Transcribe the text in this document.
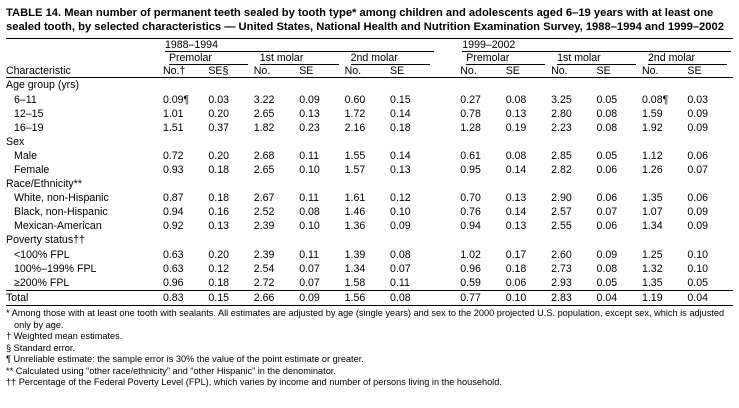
TABLE 14. Mean number of permanent teeth sealed by tooth type* among children and adolescents aged 6–19 years with at least one sealed tooth, by selected characteristics — United States, National Health and Nutrition Examination Survey, 1988–1994 and 1999–2002

	1988–1994							1999–2002					

	Premolar		1st molar		2nd molar			Premolar		1st molar		2nd molar	

Characteristic	No.†	SE§	No.	SE	No.	SE		No.	SE	No.	SE	No.	SE
Age group (yrs)													
6–11	0.09¶	0.03	3.22	0.09	0.60	0.15		0.27	0.08	3.25	0.05	0.08¶	0.03
12–15	1.01	0.20	2.65	0.13	1.72	0.14		0.78	0.13	2.80	0.08	1.59	0.09
16–19	1.51	0.37	1.82	0.23	2.16	0.18		1.28	0.19	2.23	0.08	1.92	0.09
Sex													
Male	0.72	0.20	2.68	0.11	1.55	0.14		0.61	0.08	2.85	0.05	1.12	0.06
Female	0.93	0.18	2.65	0.10	1.57	0.13		0.95	0.14	2.82	0.06	1.26	0.07
Race/Ethnicity**													
White, non-Hispanic	0.87	0.18	2.67	0.11	1.61	0.12		0.70	0.13	2.90	0.06	1.35	0.06
Black, non-Hispanic	0.94	0.16	2.52	0.08	1.46	0.10		0.76	0.14	2.57	0.07	1.07	0.09
Mexican-American	0.92	0.13	2.39	0.10	1.36	0.09		0.94	0.13	2.55	0.06	1.34	0.09
Poverty status††													
<100% FPL	0.63	0.20	2.39	0.11	1.39	0.08		1.02	0.17	2.60	0.09	1.25	0.10
100%–199% FPL	0.63	0.12	2.54	0.07	1.34	0.07		0.96	0.18	2.73	0.08	1.32	0.10
≥200% FPL	0.96	0.18	2.72	0.07	1.58	0.11		0.59	0.06	2.93	0.05	1.35	0.05
Total	0.83	0.15	2.66	0.09	1.56	0.08		0.77	0.10	2.83	0.04	1.19	0.04
* Among those with at least one tooth with sealants. All estimates are adjusted by age (single years) and sex to the 2000 projected U.S. population, except sex, which is adjusted only by age.
† Weighted mean estimates.
§ Standard error.
¶ Unreliable estimate: the sample error is 30% the value of the point estimate or greater.
** Calculated using “other race/ethnicity” and “other Hispanic” in the denominator.
†† Percentage of the Federal Poverty Level (FPL), which varies by income and number of persons living in the household.
